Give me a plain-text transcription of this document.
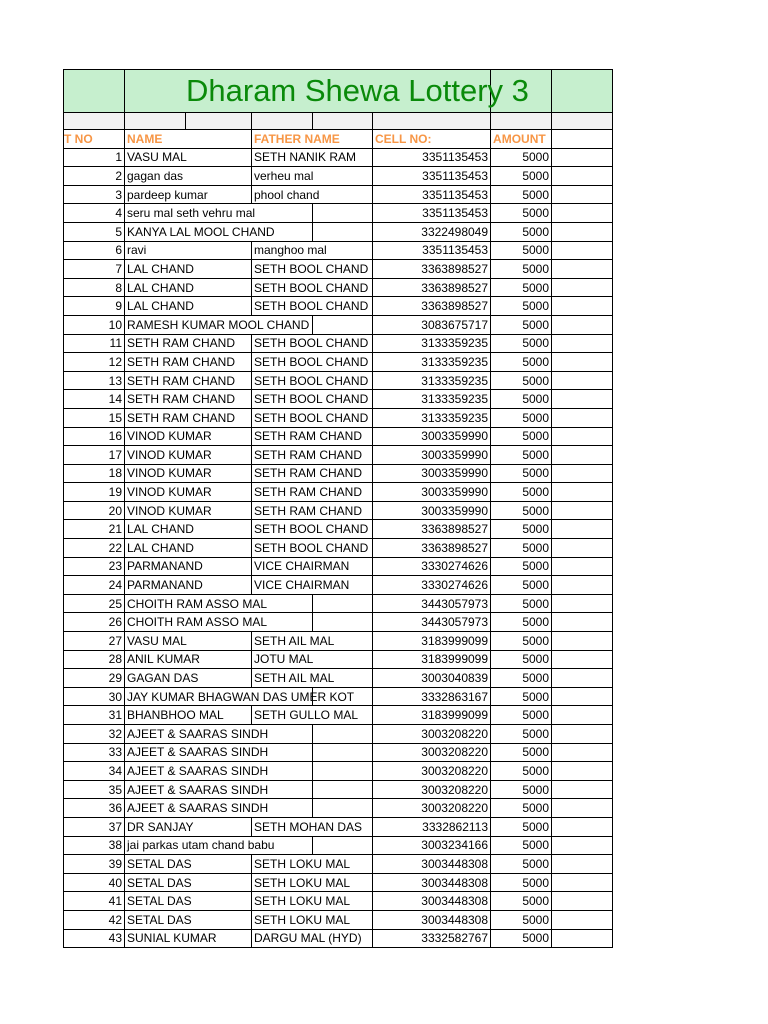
	Dharam Shewa Lottery 3						

T NO	NAME		FATHER NAME		CELL NO:	AMOUNT	
1	VASU MAL		SETH NANIK RAM		3351135453	5000	
2	gagan das		verheu mal		3351135453	5000	
3	pardeep kumar		phool chand		3351135453	5000	
4	seru mal seth vehru mal				3351135453	5000	
5	KANYA LAL MOOL CHAND				3322498049	5000	
6	ravi		manghoo mal		3351135453	5000	
7	LAL CHAND		SETH BOOL CHAND		3363898527	5000	
8	LAL CHAND		SETH BOOL CHAND		3363898527	5000	
9	LAL CHAND		SETH BOOL CHAND		3363898527	5000	
10	RAMESH KUMAR MOOL CHAND				3083675717	5000	
11	SETH RAM CHAND		SETH BOOL CHAND		3133359235	5000	
12	SETH RAM CHAND		SETH BOOL CHAND		3133359235	5000	
13	SETH RAM CHAND		SETH BOOL CHAND		3133359235	5000	
14	SETH RAM CHAND		SETH BOOL CHAND		3133359235	5000	
15	SETH RAM CHAND		SETH BOOL CHAND		3133359235	5000	
16	VINOD KUMAR		SETH RAM CHAND		3003359990	5000	
17	VINOD KUMAR		SETH RAM CHAND		3003359990	5000	
18	VINOD KUMAR		SETH RAM CHAND		3003359990	5000	
19	VINOD KUMAR		SETH RAM CHAND		3003359990	5000	
20	VINOD KUMAR		SETH RAM CHAND		3003359990	5000	
21	LAL CHAND		SETH BOOL CHAND		3363898527	5000	
22	LAL CHAND		SETH BOOL CHAND		3363898527	5000	
23	PARMANAND		VICE CHAIRMAN		3330274626	5000	
24	PARMANAND		VICE CHAIRMAN		3330274626	5000	
25	CHOITH RAM ASSO MAL				3443057973	5000	
26	CHOITH RAM ASSO MAL				3443057973	5000	
27	VASU MAL		SETH AIL MAL		3183999099	5000	
28	ANIL KUMAR		JOTU MAL		3183999099	5000	
29	GAGAN DAS		SETH AIL MAL		3003040839	5000	
30	JAY KUMAR BHAGWAN DAS UMER KOT				3332863167	5000	
31	BHANBHOO MAL		SETH GULLO MAL		3183999099	5000	
32	AJEET & SAARAS SINDH				3003208220	5000	
33	AJEET & SAARAS SINDH				3003208220	5000	
34	AJEET & SAARAS SINDH				3003208220	5000	
35	AJEET & SAARAS SINDH				3003208220	5000	
36	AJEET & SAARAS SINDH				3003208220	5000	
37	DR SANJAY		SETH MOHAN DAS		3332862113	5000	
38	jai parkas utam chand babu				3003234166	5000	
39	SETAL DAS		SETH LOKU MAL		3003448308	5000	
40	SETAL DAS		SETH LOKU MAL		3003448308	5000	
41	SETAL DAS		SETH LOKU MAL		3003448308	5000	
42	SETAL DAS		SETH LOKU MAL		3003448308	5000	
43	SUNIAL KUMAR		DARGU MAL (HYD)		3332582767	5000	
